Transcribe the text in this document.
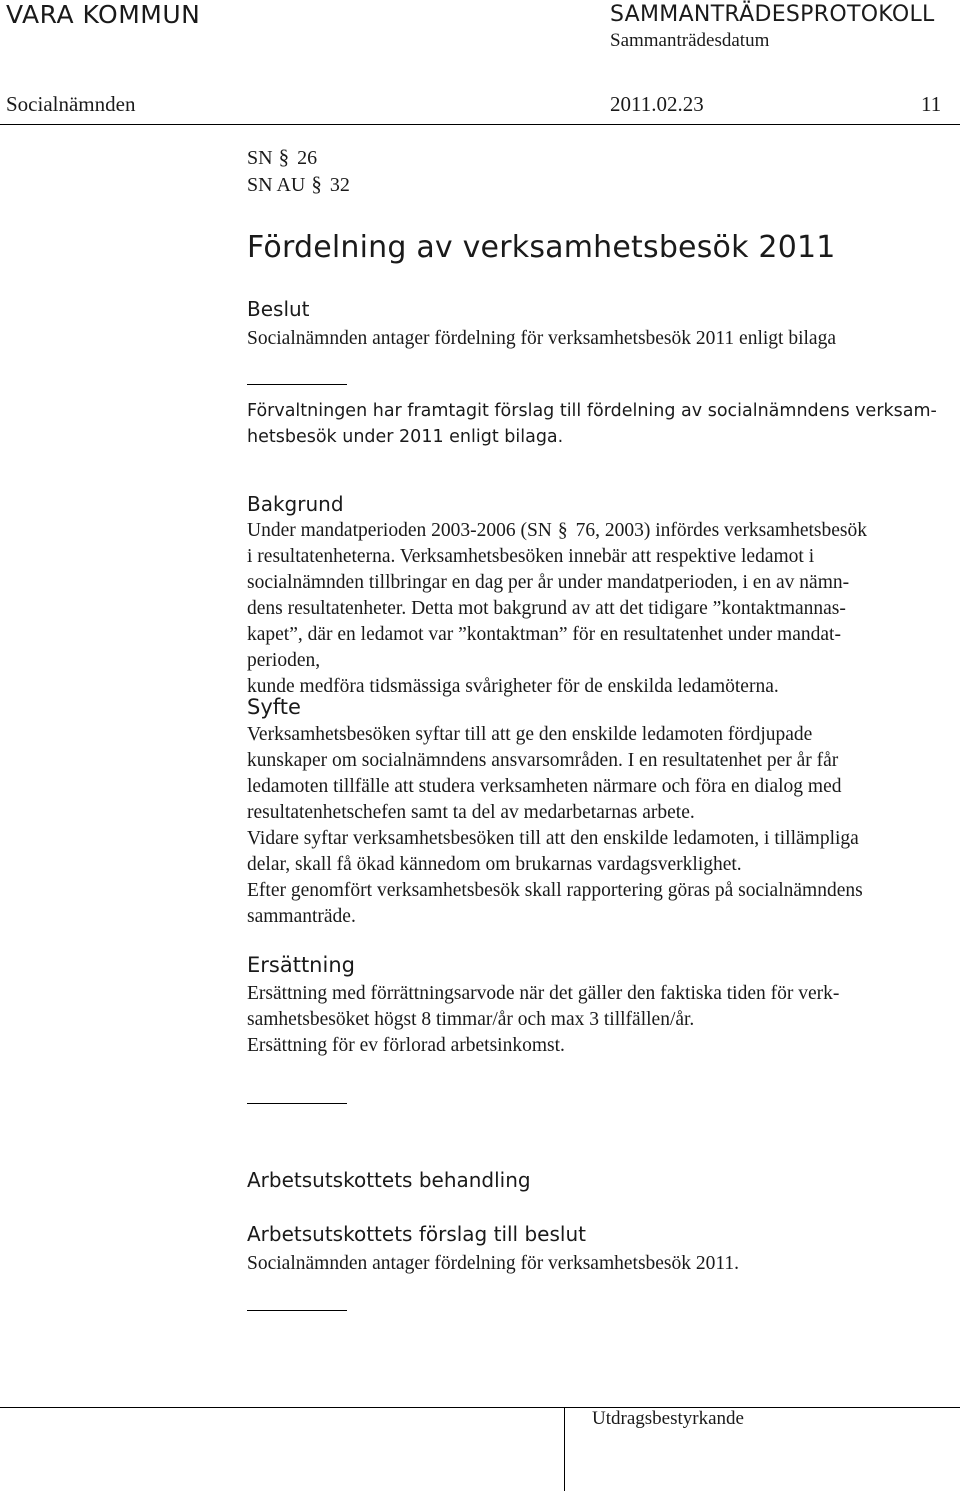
VARA KOMMUN	SAMMANTRÄDESPROTOKOLL
Sammanträdesdatum
Socialnämnden	2011.02.23	11
SN § 26
SN AU § 32
Fördelning av verksamhetsbesök 2011
Beslut
Socialnämnden antager fördelning för verksamhetsbesök 2011 enligt bilaga

Förvaltningen har framtagit förslag till fördelning av socialnämndens verksam-

hetsbesök under 2011 enligt bilaga.

Bakgrund

Under mandatperioden 2003-2006 (SN § 76, 2003) infördes verksamhetsbesök

i resultatenheterna. Verksamhetsbesöken innebär att respektive ledamot i

socialnämnden tillbringar en dag per år under mandatperioden, i en av nämn-

dens resultatenheter. Detta mot bakgrund av att det tidigare ”kontaktmannas-

kapet”, där en ledamot var ”kontaktman” för en resultatenhet under mandat-

perioden,

kunde medföra tidsmässiga svårigheter för de enskilda ledamöterna.

Syfte

Verksamhetsbesöken syftar till att ge den enskilde ledamoten fördjupade

kunskaper om socialnämndens ansvarsområden. I en resultatenhet per år får

ledamoten tillfälle att studera verksamheten närmare och föra en dialog med

resultatenhetschefen samt ta del av medarbetarnas arbete.

Vidare syftar verksamhetsbesöken till att den enskilde ledamoten, i tillämpliga

delar, skall få ökad kännedom om brukarnas vardagsverklighet.

Efter genomfört verksamhetsbesök skall rapportering göras på socialnämndens

sammanträde.

Ersättning

Ersättning med förrättningsarvode när det gäller den faktiska tiden för verk-

samhetsbesöket högst 8 timmar/år och max 3 tillfällen/år.

Ersättning för ev förlorad arbetsinkomst.

Arbetsutskottets behandling
Arbetsutskottets förslag till beslut
Socialnämnden antager fördelning för verksamhetsbesök 2011.
Utdragsbestyrkande
